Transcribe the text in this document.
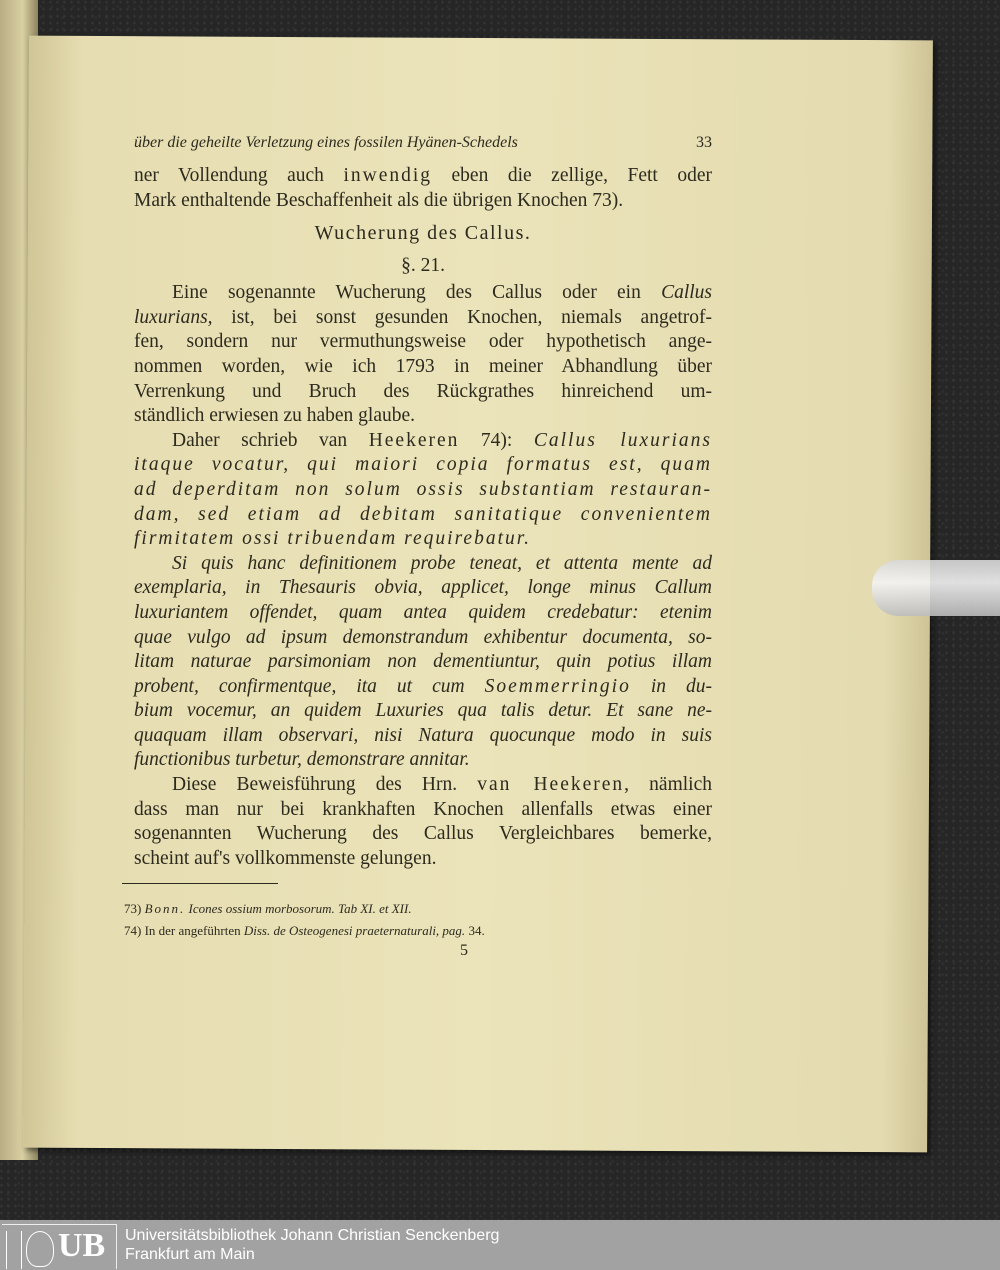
über die geheilte Verletzung eines fossilen Hyänen-Schedels	33
ner Vollendung auch inwendig eben die zellige, Fett oder
Mark enthaltende Beschaffenheit als die übrigen Knochen 73).
Wucherung des Callus.
§. 21.
Eine sogenannte Wucherung des Callus oder ein Callus
luxurians, ist, bei sonst gesunden Knochen, niemals angetrof-
fen, sondern nur vermuthungsweise oder hypothetisch ange-
nommen worden, wie ich 1793 in meiner Abhandlung über
Verrenkung und Bruch des Rückgrathes hinreichend um-
ständlich erwiesen zu haben glaube.
Daher schrieb van Heekeren 74): Callus luxurians
itaque vocatur, qui maiori copia formatus est, quam
ad deperditam non solum ossis substantiam restauran-
dam, sed etiam ad debitam sanitatique convenientem
firmitatem ossi tribuendam requirebatur.
Si quis hanc definitionem probe teneat, et attenta mente ad
exemplaria, in Thesauris obvia, applicet, longe minus Callum
luxuriantem offendet, quam antea quidem credebatur: etenim
quae vulgo ad ipsum demonstrandum exhibentur documenta, so-
litam naturae parsimoniam non dementiuntur, quin potius illam
probent, confirmentque, ita ut cum Soemmerringio in du-
bium vocemur, an quidem Luxuries qua talis detur. Et sane ne-
quaquam illam observari, nisi Natura quocunque modo in suis
functionibus turbetur, demonstrare annitar.
Diese Beweisführung des Hrn. van Heekeren, nämlich
dass man nur bei krankhaften Knochen allenfalls etwas einer
sogenannten Wucherung des Callus Vergleichbares bemerke,
scheint auf's vollkommenste gelungen.
73) Bonn. Icones ossium morbosorum. Tab XI. et XII.
74) In der angeführten Diss. de Osteogenesi praeternaturali, pag. 34.
5
UB Universitätsbibliothek Johann Christian Senckenberg
Frankfurt am Main
